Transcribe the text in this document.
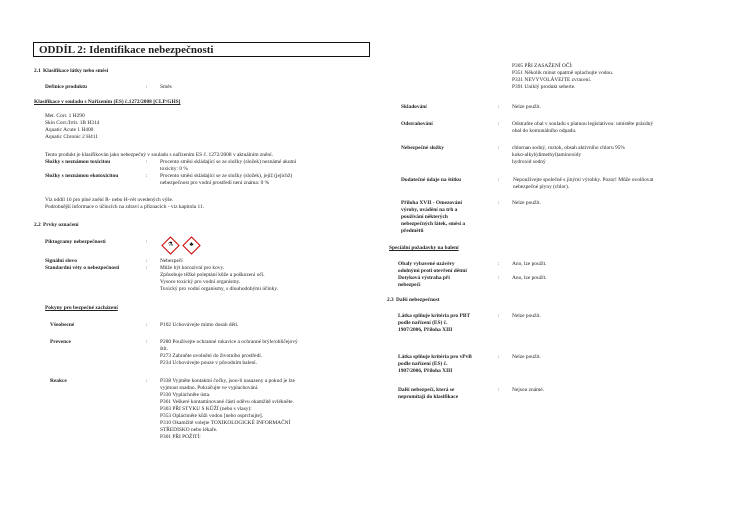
ODDÍL 2: Identifikace nebezpečnosti
2.1 Klasifikace látky nebo směsi
Definice produktu	: Směs
Klasifikace v souladu s Nařízením (ES) č.1272/2008 [CLP/GHS]
Met. Corr. 1 H290
Skin Corr./Irrit. 1B H314
Aquatic Acute 1 H400
Aquatic Chronic 2 H411
Tento produkt je klasifikován jako nebezpečný v souladu s nařízením ES č. 1272/2008 v aktuálním znění.
Složky s neznámou toxicitou	: Procento směsi skládající se ze složky (složek) neznámé akutní
toxicity: 0 %
Složky s neznámou ekotoxicitou	: Procento směsi skládající se ze složky (složek), jejíž (jejichž)
nebezpečnost pro vodní prostředí není známa: 0 %
Viz oddíl 16 pro plné znění R- nebo H-vět uvedených výše.
Podrobnější informace o účincích na zdraví a příznacích - viz kapitola 11.
2.2 Prvky označení
Piktogramy nebezpečnosti	:	⚗	♣
Signální slovo	: Nebezpečí
Standardní věty o nebezpečnosti	: Může být korozivní pro kovy.
Způsobuje těžké poleptání kůže a poškození očí.
Vysoce toxický pro vodní organismy.
Toxický pro vodní organismy, s dlouhodobými účinky.
Pokyny pro bezpečné zacházení
Všeobecné	: P102 Uchovávejte mimo dosah dětí.
Prevence	: P280 Používejte ochranné rukavice a ochranné brýle/obličejový
štít.
P273 Zabraňte uvolnění do životního prostředí.
P234 Uchovávejte pouze v původním balení.
Reakce	: P338 Vyjměte kontaktní čočky, jsou-li nasazeny a pokud je lze
vyjmout snadno. Pokračujte ve vyplachování.
P330 Vypláchněte ústa.
P361 Veškeré kontaminované části oděvu okamžitě svlékněte.
P303 PŘI STYKU S KŮŽÍ (nebo s vlasy):
P353 Opláchněte kůži vodou [nebo osprchujte].
P310 Okamžitě volejte TOXIKOLOGICKÉ INFORMAČNÍ
STŘEDISKO nebo lékaře.
P301 PŘI POŽITÍ:
P305 PŘI ZASAŽENÍ OČÍ:
P351 Několik minut opatrně oplachujte vodou.
P331 NEVYVOLÁVEJTE zvracení.
P391 Uniklý produkt seberte.
Skladování	: Nelze použít.
Odstraňování	: Odstraňte obal v souladu s platnou legislativou: umístěte prázdný
obal do komunálního odpadu.
Nebezpečné složky	: chlornan sodný, roztok, obsah aktivního chloru 95%
koko-alkyl(dimethyl)aminoxidy
hydroxid sodný
Dodatečné údaje na štítku	:	Nepoužívejte společně s jinými výrobky. Pozor! Může uvolňovat
nebezpečné plyny (chlor).
Příloha XVII - Omezování
výroby, uvádění na trh a
používání některých
nebezpečných látek, směsí a
předmětů
: Nelze použít.
Speciální požadavky na balení
Obaly vybavené uzávěry
odolnými proti otevření dětmi
: Ano, lze použít.
Dotyková výstraha při
nebezpečí
: Ano, lze použít.
2.3 Další nebezpečnost
Látka splňuje kritéria pro PBT
podle nařízení (ES) č.
1907/2006, Příloha XIII
: Nelze použít.
Látka splňuje kritéria pro vPvB
podle nařízení (ES) č.
1907/2006, Příloha XIII
: Nelze použít.
Další nebezpečí, která se
nepromítají do klasifikace
: Nejsou známé.
